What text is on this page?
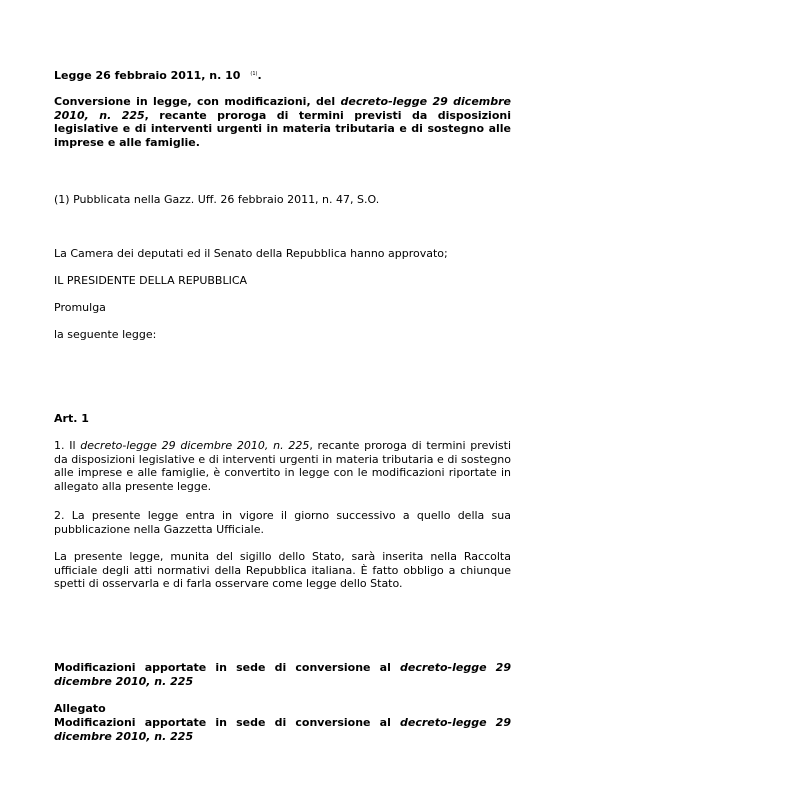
Legge 26 febbraio 2011, n. 10 $^{(1)}$.

Conversione in legge, con modificazioni, del decreto-legge 29 dicembre 2010, n. 225, recante proroga di termini previsti da disposizioni legislative e di interventi urgenti in materia tributaria e di sostegno alle imprese e alle famiglie.

(1) Pubblicata nella Gazz. Uff. 26 febbraio 2011, n. 47, S.O.

La Camera dei deputati ed il Senato della Repubblica hanno approvato;

IL PRESIDENTE DELLA REPUBBLICA

Promulga

la seguente legge:

Art. 1

1. Il decreto-legge 29 dicembre 2010, n. 225, recante proroga di termini previsti da disposizioni legislative e di interventi urgenti in materia tributaria e di sostegno alle imprese e alle famiglie, è convertito in legge con le modificazioni riportate in allegato alla presente legge.

2. La presente legge entra in vigore il giorno successivo a quello della sua pubblicazione nella Gazzetta Ufficiale.

La presente legge, munita del sigillo dello Stato, sarà inserita nella Raccolta ufficiale degli atti normativi della Repubblica italiana. È fatto obbligo a chiunque spetti di osservarla e di farla osservare come legge dello Stato.

Modificazioni apportate in sede di conversione al decreto-legge 29 dicembre 2010, n. 225

Allegato

Modificazioni apportate in sede di conversione al decreto-legge 29 dicembre 2010, n. 225
